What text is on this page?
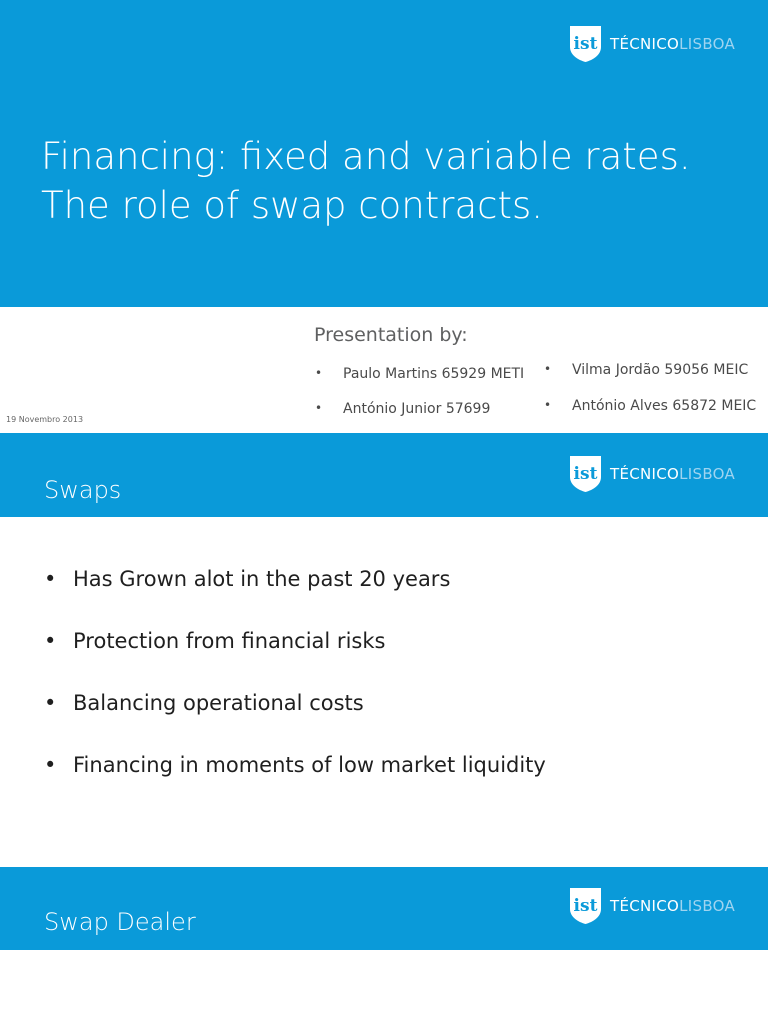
ist TÉCNICOLISBOA
Financing: fixed and variable rates.
The role of swap contracts.
Presentation by:
• Paulo Martins 65929 METI
• António Junior 57699
• Vilma Jordão 59056 MEIC
• António Alves 65872 MEIC
19 Novembro 2013
ist TÉCNICOLISBOA
Swaps
• Has Grown alot in the past 20 years
• Protection from financial risks
• Balancing operational costs
• Financing in moments of low market liquidity
ist TÉCNICOLISBOA
Swap Dealer
